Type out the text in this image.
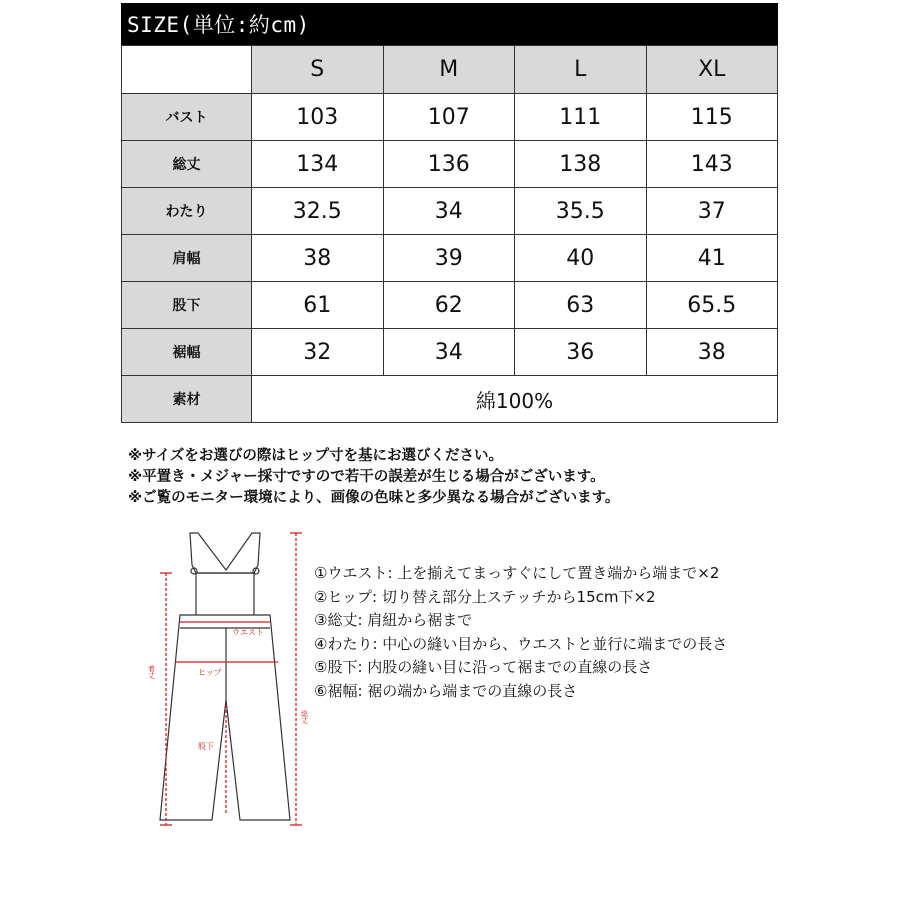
SIZE(単位:約cm)
	S	M	L	XL
バスト	103	107	111	115
総丈	134	136	138	143
わたり	32.5	34	35.5	37
肩幅	38	39	40	41
股下	61	62	63	65.5
裾幅	32	34	36	38
素材	綿100%			
※サイズをお選びの際はヒップ寸を基にお選びください。
※平置き・メジャー採寸ですので若干の誤差が生じる場合がございます。
※ご覧のモニター環境により、画像の色味と多少異なる場合がございます。
ウエスト
ヒップ
股下
着丈
総丈
①ウエスト: 上を揃えてまっすぐにして置き端から端まで×2
②ヒップ: 切り替え部分上ステッチから15cm下×2
③総丈: 肩紐から裾まで
④わたり: 中心の縫い目から、ウエストと並行に端までの長さ
⑤股下: 内股の縫い目に沿って裾までの直線の長さ
⑥裾幅: 裾の端から端までの直線の長さ
